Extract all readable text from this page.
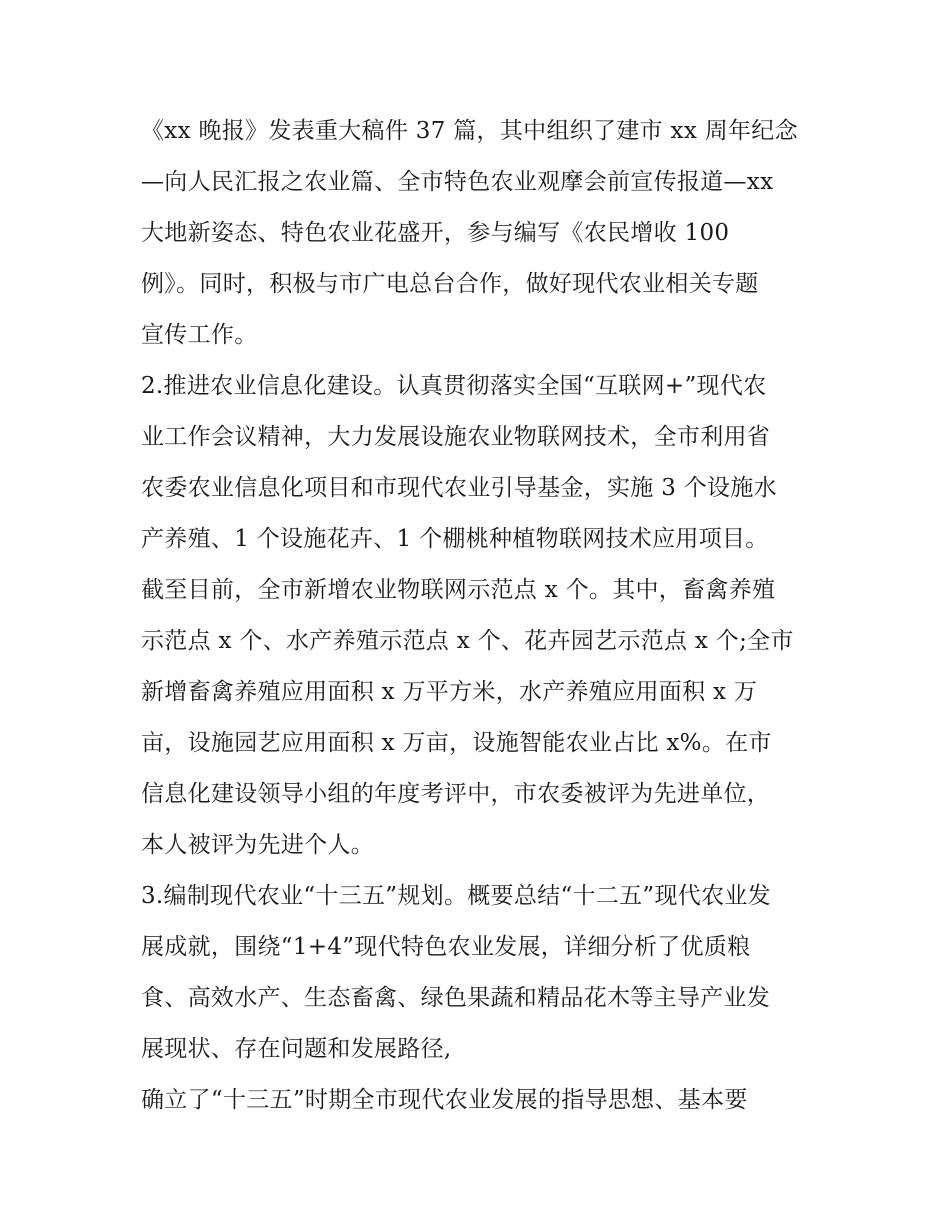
《xx 晚报》发表重大稿件 37 篇，其中组织了建市 xx 周年纪念
—向人民汇报之农业篇、全市特色农业观摩会前宣传报道—xx
大地新姿态、特色农业花盛开，参与编写《农民增收 100
例》。同时，积极与市广电总台合作，做好现代农业相关专题
宣传工作。
2.推进农业信息化建设。认真贯彻落实全国“互联网+”现代农
业工作会议精神，大力发展设施农业物联网技术，全市利用省
农委农业信息化项目和市现代农业引导基金，实施 3 个设施水
产养殖、1 个设施花卉、1 个棚桃种植物联网技术应用项目。
截至目前，全市新增农业物联网示范点 x 个。其中，畜禽养殖
示范点 x 个、水产养殖示范点 x 个、花卉园艺示范点 x 个;全市
新增畜禽养殖应用面积 x 万平方米，水产养殖应用面积 x 万
亩，设施园艺应用面积 x 万亩，设施智能农业占比 x%。在市
信息化建设领导小组的年度考评中，市农委被评为先进单位，
本人被评为先进个人。
3.编制现代农业“十三五”规划。概要总结“十二五”现代农业发
展成就，围绕“1+4”现代特色农业发展，详细分析了优质粮
食、高效水产、生态畜禽、绿色果蔬和精品花木等主导产业发
展现状、存在问题和发展路径,
确立了“十三五”时期全市现代农业发展的指导思想、基本要
